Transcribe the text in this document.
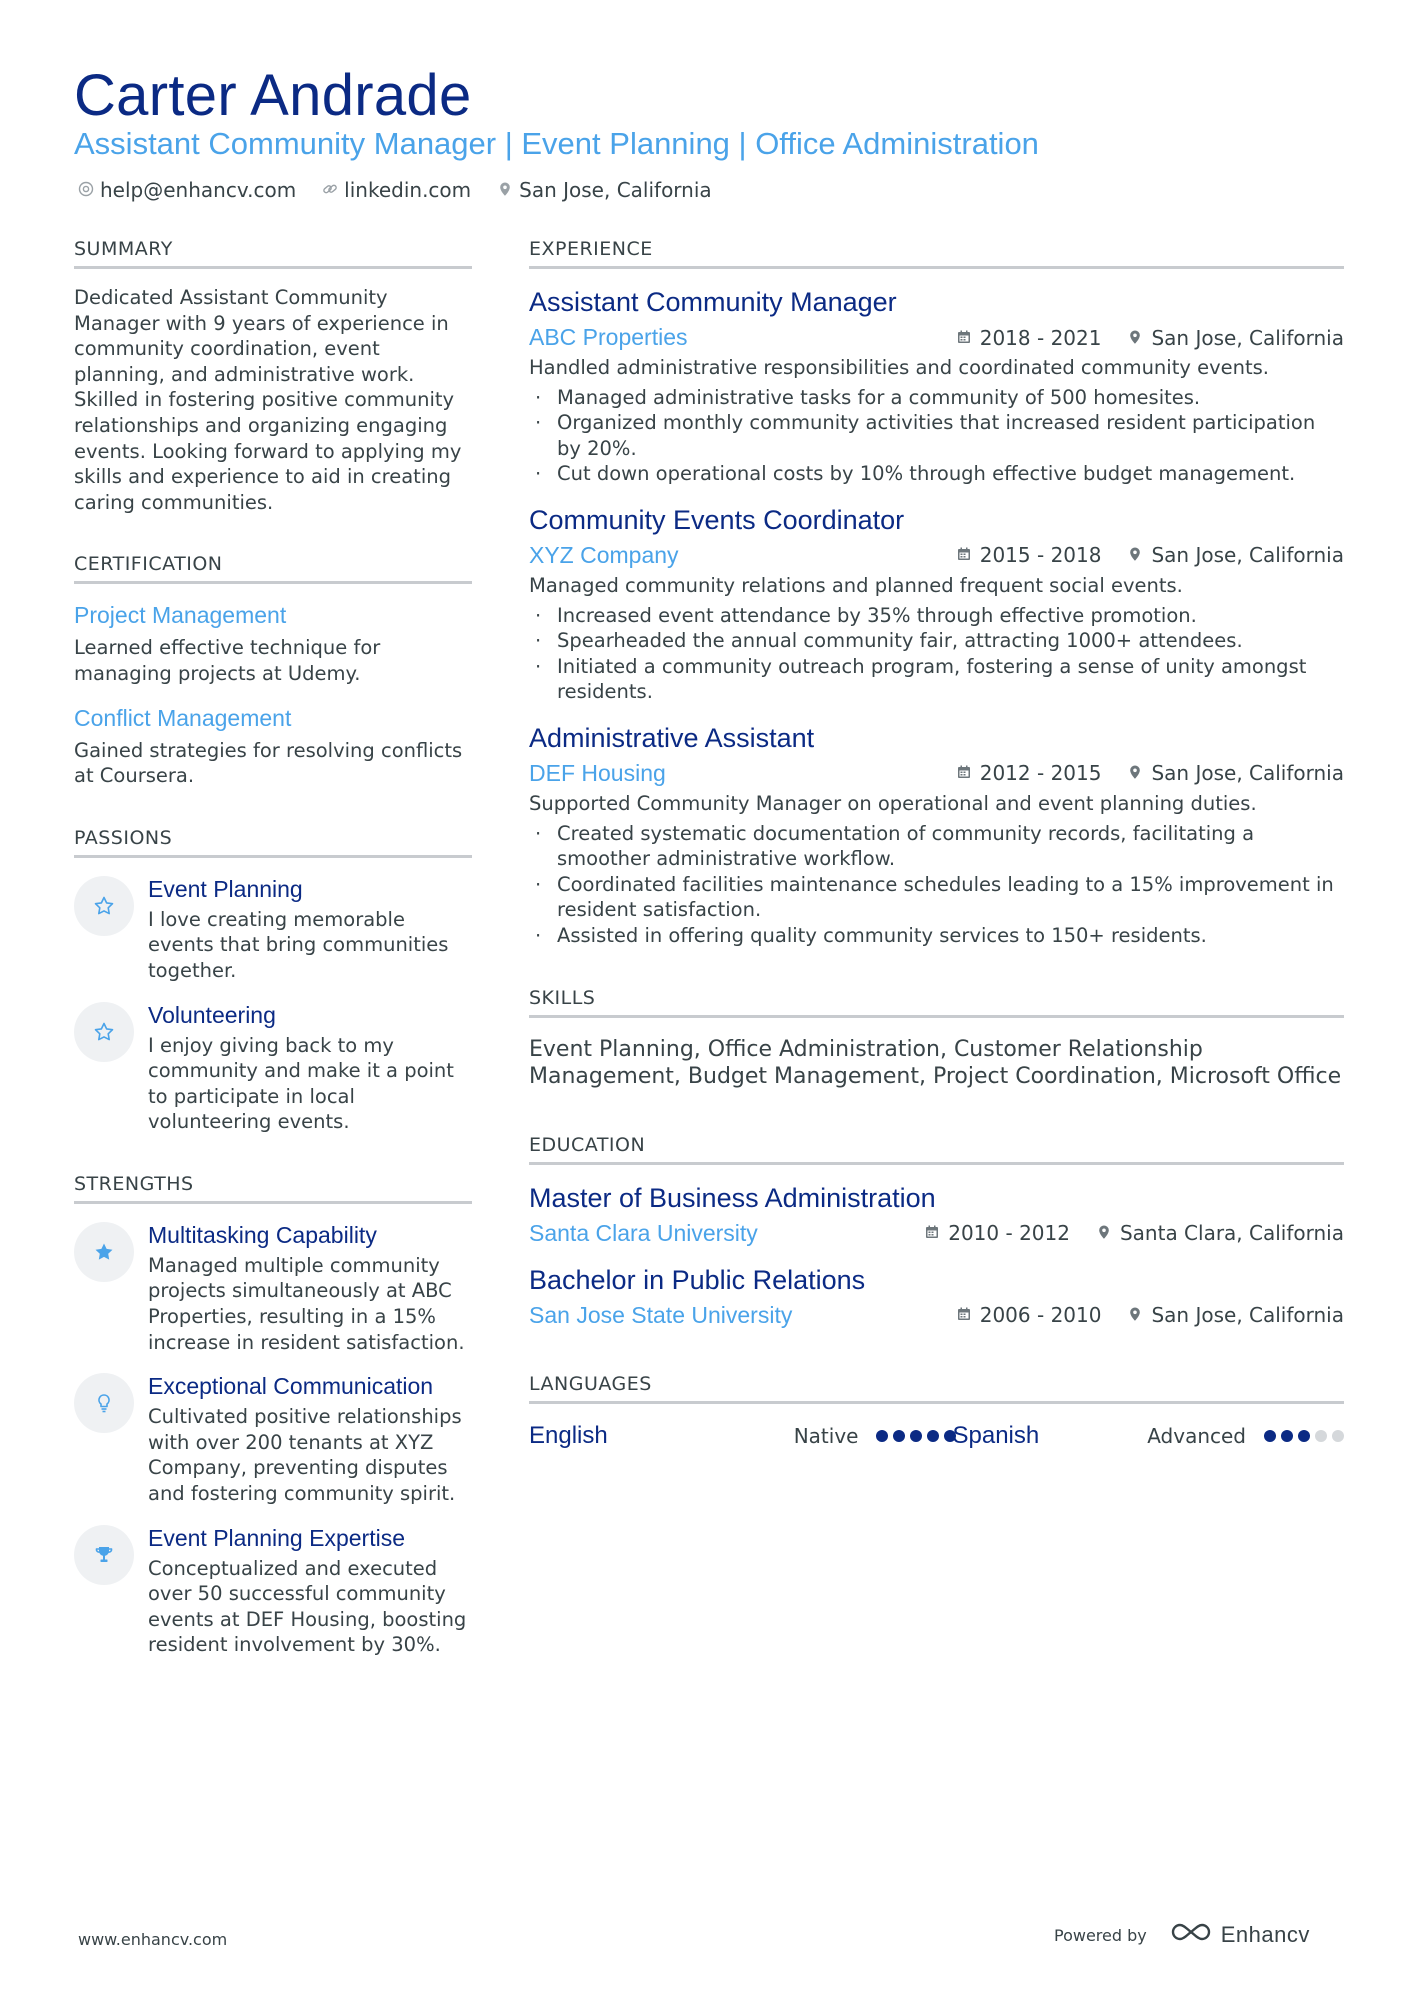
Carter Andrade
Assistant Community Manager | Event Planning | Office Administration
help@enhancv.com linkedin.com San Jose, California
SUMMARY
Dedicated Assistant Community Manager with 9 years of experience in community coordination, event planning, and administrative work. Skilled in fostering positive community relationships and organizing engaging events. Looking forward to applying my skills and experience to aid in creating caring communities.
CERTIFICATION
Project Management
Learned effective technique for managing projects at Udemy.
Conflict Management
Gained strategies for resolving conflicts at Coursera.
PASSIONS
Event Planning
I love creating memorable events that bring communities together.
Volunteering
I enjoy giving back to my community and make it a point to participate in local volunteering events.
STRENGTHS
Multitasking Capability
Managed multiple community projects simultaneously at ABC Properties, resulting in a 15% increase in resident satisfaction.
Exceptional Communication
Cultivated positive relationships with over 200 tenants at XYZ Company, preventing disputes and fostering community spirit.
Event Planning Expertise
Conceptualized and executed over 50 successful community events at DEF Housing, boosting resident involvement by 30%.
EXPERIENCE
Assistant Community Manager
ABC Properties	2018 - 2021	San Jose, California
Handled administrative responsibilities and coordinated community events.
· Managed administrative tasks for a community of 500 homesites.
· Organized monthly community activities that increased resident participation by 20%.
· Cut down operational costs by 10% through effective budget management.
Community Events Coordinator
XYZ Company	2015 - 2018	San Jose, California
Managed community relations and planned frequent social events.
· Increased event attendance by 35% through effective promotion.
· Spearheaded the annual community fair, attracting 1000+ attendees.
· Initiated a community outreach program, fostering a sense of unity amongst residents.
Administrative Assistant
DEF Housing	2012 - 2015	San Jose, California
Supported Community Manager on operational and event planning duties.
· Created systematic documentation of community records, facilitating a smoother administrative workflow.
· Coordinated facilities maintenance schedules leading to a 15% improvement in resident satisfaction.
· Assisted in offering quality community services to 150+ residents.
SKILLS
Event Planning, Office Administration, Customer Relationship Management, Budget Management, Project Coordination, Microsoft Office
EDUCATION
Master of Business Administration
Santa Clara University	2010 - 2012	Santa Clara, California
Bachelor in Public Relations
San Jose State University	2006 - 2010	San Jose, California
LANGUAGES
English	Native	Spanish	Advanced
www.enhancv.com	Powered by	Enhancv
